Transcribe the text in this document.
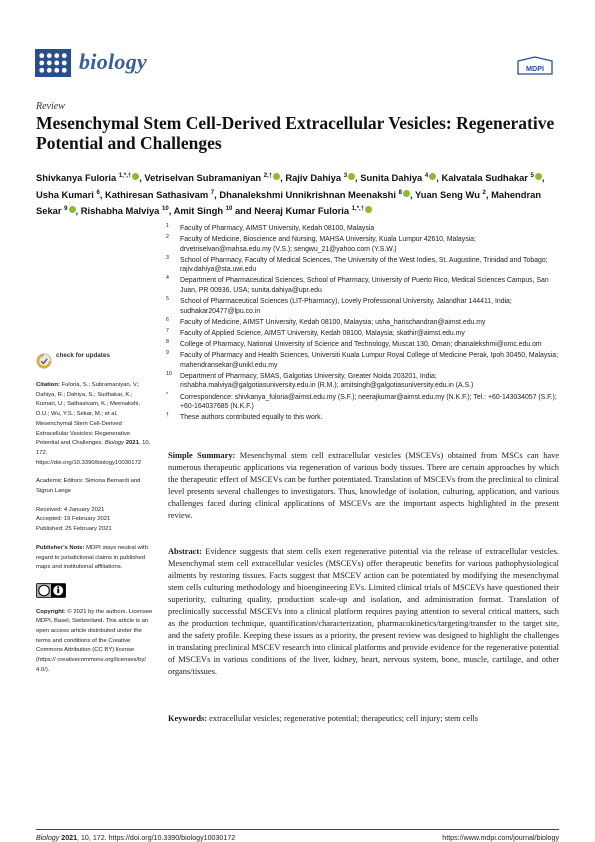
biology	MDPI
Review
Mesenchymal Stem Cell-Derived Extracellular Vesicles: Regenerative Potential and Challenges
Shivkanya Fuloria $^{1,*,\dagger}$ , Vetriselvan Subramaniyan $^{2,\dagger}$ , Rajiv Dahiya $^3$ , Sunita Dahiya $^4$ , Kalvatala Sudhakar $^5$ , Usha Kumari $^6$, Kathiresan Sathasivam $^7$, Dhanalekshmi Unnikrishnan Meenakshi $^8$ , Yuan Seng Wu $^2$, Mahendran Sekar $^9$ , Rishabha Malviya $^{10}$, Amit Singh $^{10}$ and Neeraj Kumar Fuloria $^{1,*,\dagger}$
1 Faculty of Pharmacy, AIMST University, Kedah 08100, Malaysia
2 Faculty of Medicine, Bioscience and Nursing, MAHSA University, Kuala Lumpur 42610, Malaysia; drvetriselvan@mahsa.edu.my (V.S.); sengwu_21@yahoo.com (Y.S.W.)
3 School of Pharmacy, Faculty of Medical Sciences, The University of the West Indies, St. Augustine, Trinidad and Tobago; rajiv.dahiya@sta.uwi.edu
4 Department of Pharmaceutical Sciences, School of Pharmacy, University of Puerto Rico, Medical Sciences Campus, San Juan, PR 00936, USA; sunita.dahiya@upr.edu
5 School of Pharmaceutical Sciences (LIT-Pharmacy), Lovely Professional University, Jalandhar 144411, India; sudhakar20477@lpu.co.in
6 Faculty of Medicine, AIMST University, Kedah 08100, Malaysia; usha_harischandran@aimst.edu.my
7 Faculty of Applied Science, AIMST University, Kedah 08100, Malaysia; skathir@aimst.edu.my
8 College of Pharmacy, National University of Science and Technology, Muscat 130, Oman; dhanalekshmi@omc.edu.om
9 Faculty of Pharmacy and Health Sciences, Universiti Kuala Lumpur Royal College of Medicine Perak, Ipoh 30450, Malaysia; mahendransekar@unikl.edu.my
10 Department of Pharmacy, SMAS, Galgotias University, Greater Noida 203201, India; rishabha.malviya@galgotiasuniversity.edu.in (R.M.); amitsingh@galgotiasuniversity.edu.in (A.S.)
* Correspondence: shivkanya_fuloria@aimst.edu.my (S.F.); neerajkumar@aimst.edu.my (N.K.F.); Tel.: +60-143034057 (S.F.); +60-164037685 (N.K.F.)
† These authors contributed equally to this work.
check for updates
Citation: Fuloria, S.; Subramaniyan, V.; Dahiya, R.; Dahiya, S.; Sudhakar, K.; Kumari, U.; Sathasivam, K.; Meenakshi, D.U.; Wu, Y.S.; Sekar, M.; et al. Mesenchymal Stem Cell-Derived Extracellular Vesicles: Regenerative Potential and Challenges. Biology 2021, 10, 172. https://doi.org/10.3390/biology10030172
Academic Editors: Simona Bernardi and Sigrun Lange
Received: 4 January 2021
Accepted: 19 February 2021
Published: 25 February 2021
Publisher’s Note: MDPI stays neutral with regard to jurisdictional claims in published maps and institutional affiliations.
Copyright: © 2021 by the authors. Licensee MDPI, Basel, Switzerland. This article is an open access article distributed under the terms and conditions of the Creative Commons Attribution (CC BY) license (https:// creativecommons.org/licenses/by/ 4.0/).
Simple Summary: Mesenchymal stem cell extracellular vesicles (MSCEVs) obtained from MSCs can have numerous therapeutic applications via regeneration of various body tissues. There are certain approaches by which the therapeutic effect of MSCEVs can be further potentiated. Translation of MSCEVs from the preclinical to clinical level presents several challenges to investigators. Thus, knowledge of isolation, culturing, application, and various challenges faced during clinical applications of MSCEVs are the important aspects highlighted in the present review.
Abstract: Evidence suggests that stem cells exert regenerative potential via the release of extracellular vesicles. Mesenchymal stem cell extracellular vesicles (MSCEVs) offer therapeutic benefits for various pathophysiological ailments by restoring tissues. Facts suggest that MSCEV action can be potentiated by modifying the mesenchymal stem cells culturing methodology and bioengineering EVs. Limited clinical trials of MSCEVs have questioned their superiority, culturing quality, production scale-up and isolation, and administration format. Translation of preclinically successful MSCEVs into a clinical platform requires paying attention to several critical matters, such as the production technique, quantification/characterization, pharmacokinetics/targeting/transfer to the target site, and the safety profile. Keeping these issues as a priority, the present review was designed to highlight the challenges in translating preclinical MSCEV research into clinical platforms and provide evidence for the regenerative potential of MSCEVs in various conditions of the liver, kidney, heart, nervous system, bone, muscle, cartilage, and other organs/tissues.
Keywords: extracellular vesicles; regenerative potential; therapeutics; cell injury; stem cells
Biology 2021, 10, 172. https://doi.org/10.3390/biology10030172	https://www.mdpi.com/journal/biology
